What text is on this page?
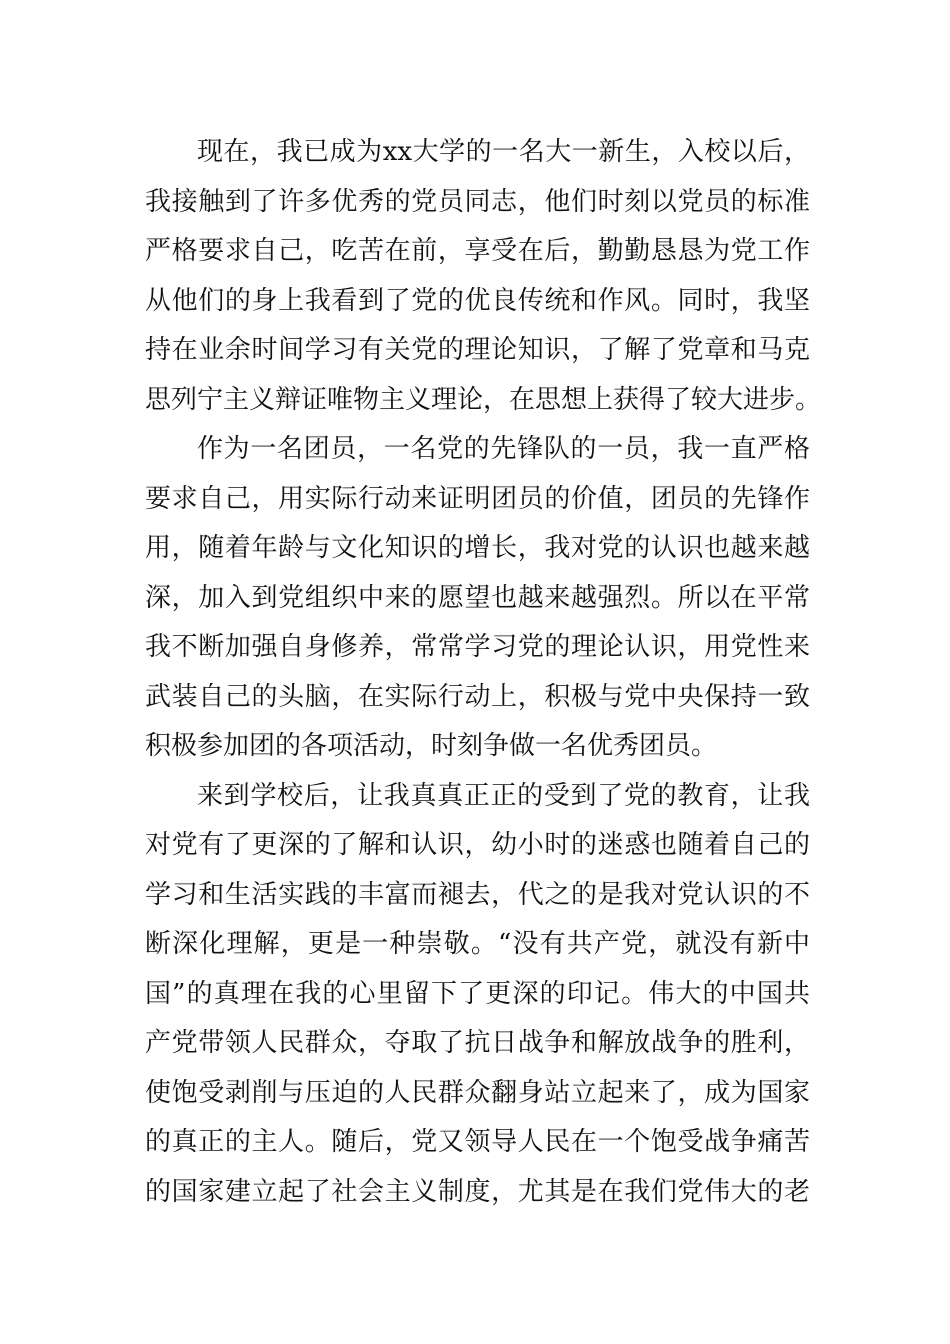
现在，我已成为xx大学的一名大一新生，入校以后，
我接触到了许多优秀的党员同志，他们时刻以党员的标准
严格要求自己，吃苦在前，享受在后，勤勤恳恳为党工作
从他们的身上我看到了党的优良传统和作风。同时，我坚
持在业余时间学习有关党的理论知识，了解了党章和马克
思列宁主义辩证唯物主义理论，在思想上获得了较大进步。
作为一名团员，一名党的先锋队的一员，我一直严格
要求自己，用实际行动来证明团员的价值，团员的先锋作
用，随着年龄与文化知识的增长，我对党的认识也越来越
深，加入到党组织中来的愿望也越来越强烈。所以在平常
我不断加强自身修养，常常学习党的理论认识，用党性来
武装自己的头脑，在实际行动上，积极与党中央保持一致
积极参加团的各项活动，时刻争做一名优秀团员。
来到学校后，让我真真正正的受到了党的教育，让我
对党有了更深的了解和认识，幼小时的迷惑也随着自己的
学习和生活实践的丰富而褪去，代之的是我对党认识的不
断深化理解，更是一种崇敬。“没有共产党，就没有新中
国”的真理在我的心里留下了更深的印记。伟大的中国共
产党带领人民群众，夺取了抗日战争和解放战争的胜利，
使饱受剥削与压迫的人民群众翻身站立起来了，成为国家
的真正的主人。随后，党又领导人民在一个饱受战争痛苦
的国家建立起了社会主义制度，尤其是在我们党伟大的老
